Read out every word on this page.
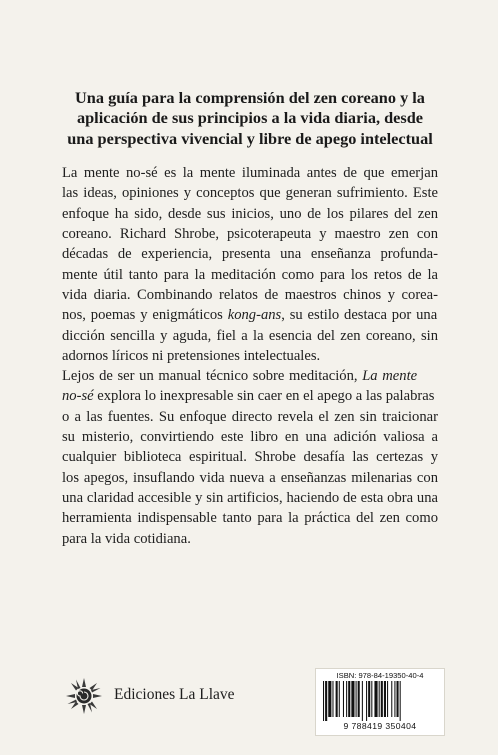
Una guía para la comprensión del zen coreano y la
aplicación de sus principios a la vida diaria, desde
una perspectiva vivencial y libre de apego intelectual
La mente no-sé es la mente iluminada antes de que emerjan
las ideas, opiniones y conceptos que generan sufrimiento. Este
enfoque ha sido, desde sus inicios, uno de los pilares del zen
coreano. Richard Shrobe, psicoterapeuta y maestro zen con
décadas de experiencia, presenta una enseñanza profunda-
mente útil tanto para la meditación como para los retos de la
vida diaria. Combinando relatos de maestros chinos y corea-
nos, poemas y enigmáticos kong-ans, su estilo destaca por una
dicción sencilla y aguda, fiel a la esencia del zen coreano, sin
adornos líricos ni pretensiones intelectuales.
Lejos de ser un manual técnico sobre meditación, La mente
no-sé explora lo inexpresable sin caer en el apego a las palabras
o a las fuentes. Su enfoque directo revela el zen sin traicionar
su misterio, convirtiendo este libro en una adición valiosa a
cualquier biblioteca espiritual. Shrobe desafía las certezas y
los apegos, insuflando vida nueva a enseñanzas milenarias con
una claridad accesible y sin artificios, haciendo de esta obra una
herramienta indispensable tanto para la práctica del zen como
para la vida cotidiana.
Ediciones La Llave
ISBN: 978-84-19350-40-4
9 788419 350404
